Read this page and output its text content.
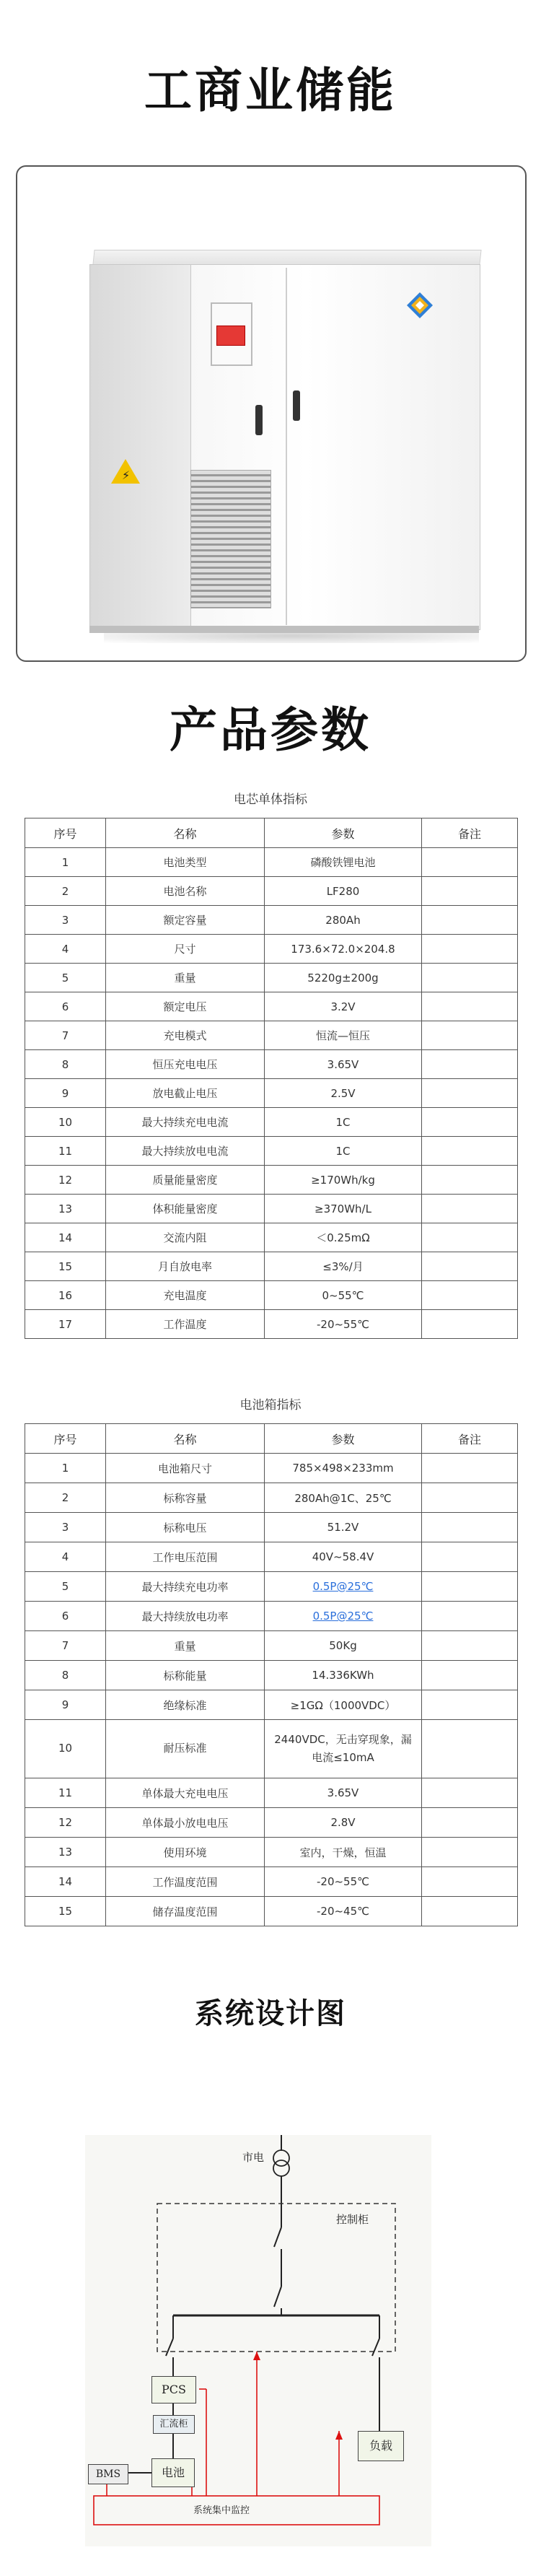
工商业储能
⚡
产品参数
电芯单体指标
序号	名称	参数	备注
1	电池类型	磷酸铁锂电池	
2	电池名称	LF280	
3	额定容量	280Ah	
4	尺寸	173.6×72.0×204.8	
5	重量	5220g±200g	
6	额定电压	3.2V	
7	充电模式	恒流—恒压	
8	恒压充电电压	3.65V	
9	放电截止电压	2.5V	
10	最大持续充电电流	1C	
11	最大持续放电电流	1C	
12	质量能量密度	≥170Wh/kg	
13	体积能量密度	≥370Wh/L	
14	交流内阻	＜0.25mΩ	
15	月自放电率	≤3%/月	
16	充电温度	0~55℃	
17	工作温度	-20~55℃	
电池箱指标
序号	名称	参数	备注
1	电池箱尺寸	785×498×233mm	
2	标称容量	280Ah@1C、25℃	
3	标称电压	51.2V	
4	工作电压范围	40V~58.4V	
5	最大持续充电功率	0.5P@25℃	
6	最大持续放电功率	0.5P@25℃	
7	重量	50Kg	
8	标称能量	14.336KWh	
9	绝缘标准	≥1GΩ（1000VDC）	
10	耐压标准	2440VDC，无击穿现象，漏电流≤10mA	
11	单体最大充电电压	3.65V	
12	单体最小放电电压	2.8V	
13	使用环境	室内，干燥，恒温	
14	工作温度范围	-20~55℃	
15	储存温度范围	-20~45℃	
系统设计图
市电
控制柜
PCS
汇流柜
BMS	电池
负载
系统集中监控
